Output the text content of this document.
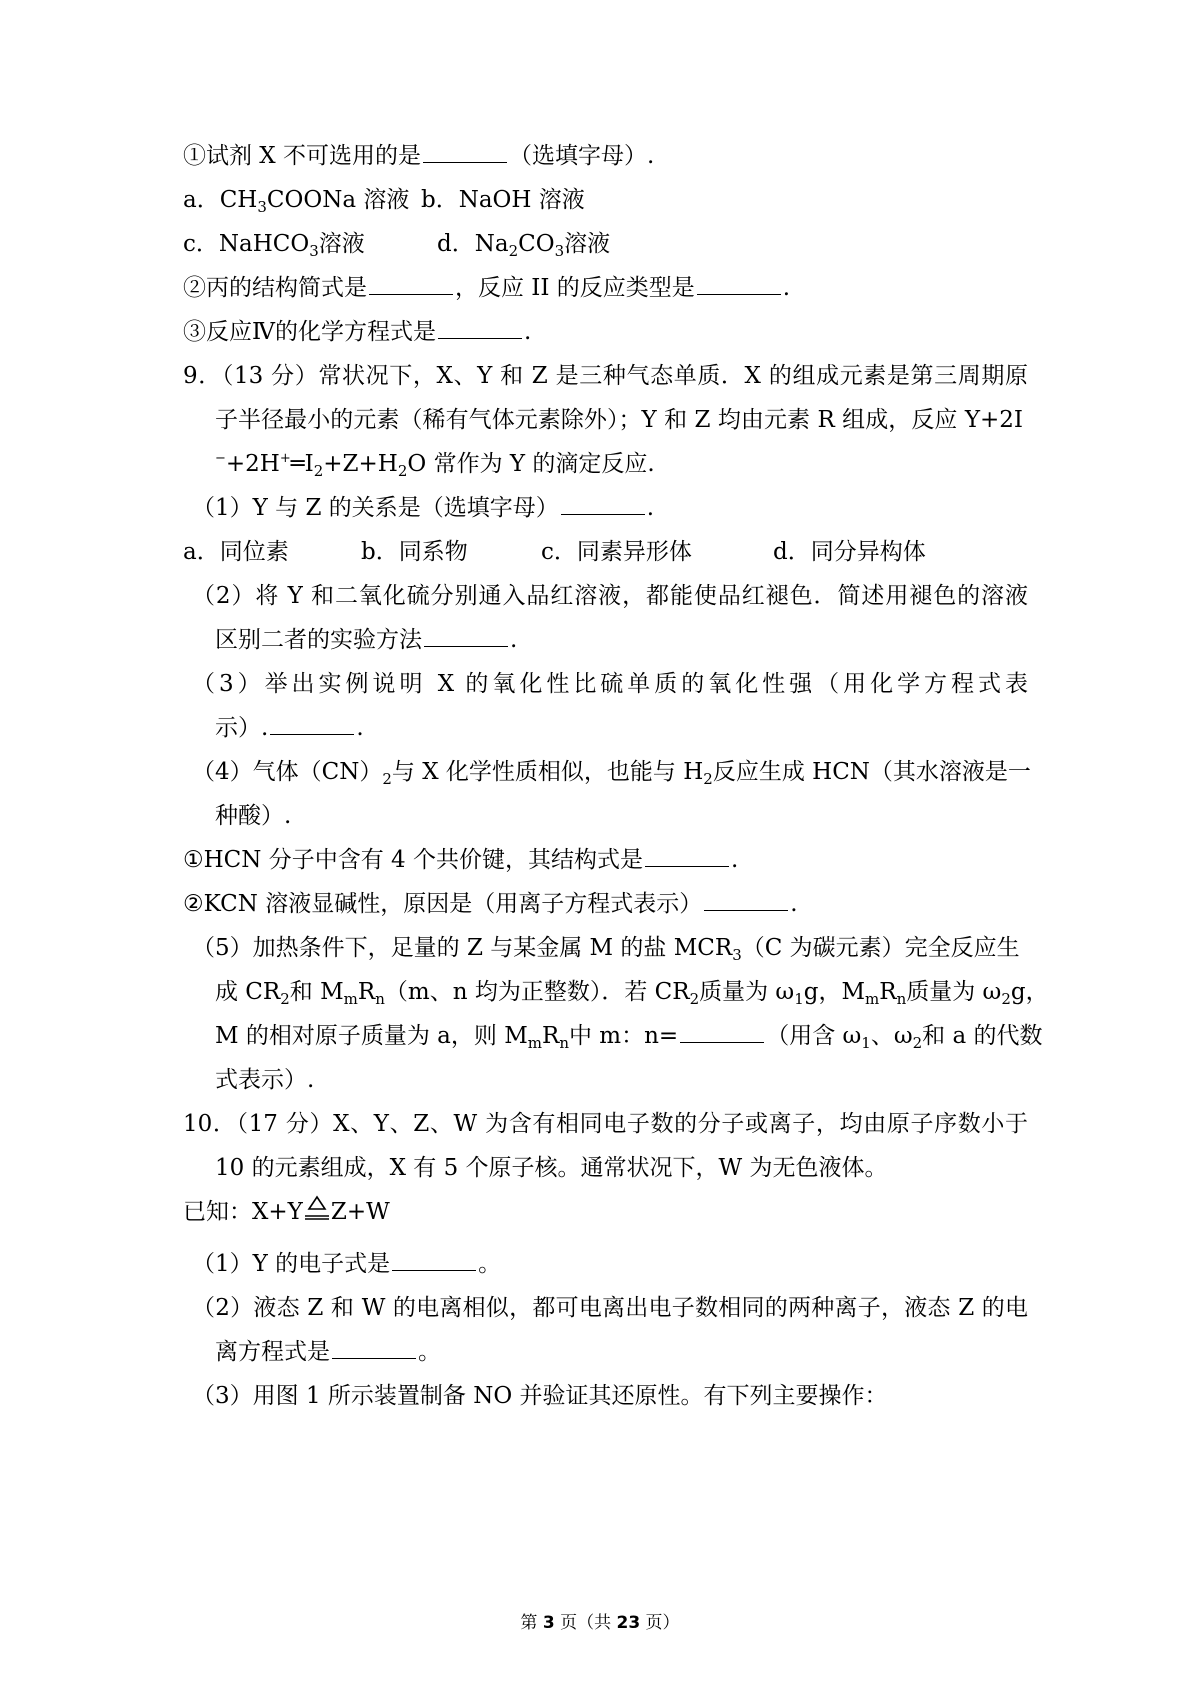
①试剂 X 不可选用的是	（选填字母）.
a．$CH_3COONa$ 溶液 b．NaOH 溶液
c．NaHCO$_3$溶液	d．$Na_2CO_3$溶液
②丙的结构简式是	，反应 II 的反应类型是	.
③反应Ⅳ的化学方程式是	.
9．（13 分）常状况下，X、Y 和 Z 是三种气态单质．X 的组成元素是第三周期原
子半径最小的元素（稀有气体元素除外）；Y 和 Z 均由元素 R 组成，反应 Y+2I
$^-+2H^+═I_2+Z+H_2O$ 常作为 Y 的滴定反应.
（1）Y 与 Z 的关系是（选填字母）	.
a．同位素	b．同系物	c．同素异形体	d．同分异构体
（2）将 Y 和二氧化硫分别通入品红溶液，都能使品红褪色．简述用褪色的溶液
区别二者的实验方法	.
（3）举出实例说明 X 的氧化性比硫单质的氧化性强（用化学方程式表
示）.	.
（4）气体$(CN)_2$与 X 化学性质相似，也能与 $H_2$反应生成 HCN（其水溶液是一
种酸）.
①HCN 分子中含有 4 个共价键，其结构式是	.
②KCN 溶液显碱性，原因是（用离子方程式表示）	.
（5）加热条件下，足量的 Z 与某金属 M 的盐 $MCR_3(C$ 为碳元素）完全反应生
成 $CR_2$和 $M_mR_n(m$、n 均为正整数）．若 $CR_2$质量为 $\omega_1g$，$M_mR_n$质量为 $\omega_2g$，
M 的相对原子质量为 a，则 $M_mR_n$中 m：n=	（用含 $\omega_1$、$\omega_2$和 a 的代数
式表示）.
10．（17 分）X、Y、Z、W 为含有相同电子数的分子或离子，均由原子序数小于
10 的元素组成，X 有 5 个原子核。通常状况下，W 为无色液体。
已知：X+Y Z+W
（1）Y 的电子式是	。
（2）液态 Z 和 W 的电离相似，都可电离出电子数相同的两种离子，液态 Z 的电
离方程式是	。
（3）用图 1 所示装置制备 NO 并验证其还原性。有下列主要操作：
第 3 页（共 23 页）
